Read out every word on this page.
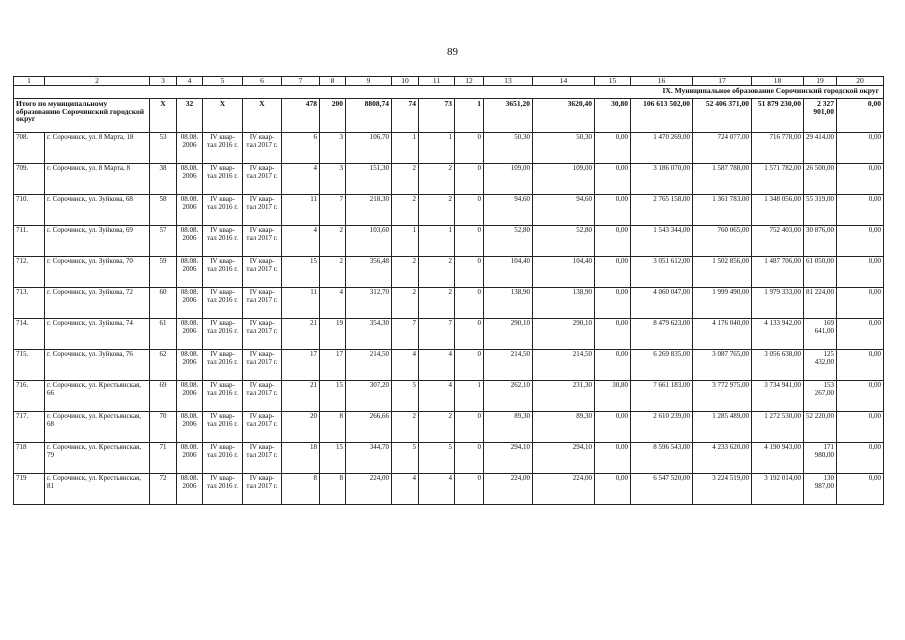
89
1	2	3	4	5	6	7	8	9	10	11	12	13	14	15	16	17	18	19	20
IX. Муниципальное образование Сорочинский городской округ																			
Итого по муниципальному образованию Сорочинский городской округ		X	32	X	X	478	200	8808,74	74	73	1	3651,20	3620,40	30,80	106 613 502,00	52 406 371,00	51 879 230,00	2 327 901,00	0,00
708.	г. Сорочинск, ул. 8 Марта, 18	53	08.08. 2006	IV квар- тал 2016 г.	IV квар- тал 2017 г.	6	3	106,70	1	1	0	50,30	50,30	0,00	1 470 269,00	724 077,00	716 778,00	29 414,00	0,00
709.	г. Сорочинск, ул. 8 Марта, 8	38	08.08. 2006	IV квар- тал 2016 г.	IV квар- тал 2017 г.	4	3	151,30	2	2	0	109,00	109,00	0,00	3 186 070,00	1 587 788,00	1 571 782,00	26 500,00	0,00
710.	г. Сорочинск, ул. Зуйкова, 68	58	08.08. 2006	IV квар- тал 2016 г.	IV квар- тал 2017 г.	11	7	218,30	2	2	0	94,60	94,60	0,00	2 765 158,00	1 361 783,00	1 348 056,00	55 319,00	0,00
711.	г. Сорочинск, ул. Зуйкова, 69	57	08.08. 2006	IV квар- тал 2016 г.	IV квар- тал 2017 г.	4	2	103,60	1	1	0	52,80	52,80	0,00	1 543 344,00	760 065,00	752 403,00	30 876,00	0,00
712.	г. Сорочинск, ул. Зуйкова, 70	59	08.08. 2006	IV квар- тал 2016 г.	IV квар- тал 2017 г.	15	2	356,48	2	2	0	104,40	104,40	0,00	3 051 612,00	1 502 856,00	1 487 706,00	61 050,00	0,00
713.	г. Сорочинск, ул. Зуйкова, 72	60	08.08. 2006	IV квар- тал 2016 г.	IV квар- тал 2017 г.	11	4	312,70	2	2	0	138,90	138,90	0,00	4 060 047,00	1 999 490,00	1 979 333,00	81 224,00	0,00
714.	г. Сорочинск, ул. Зуйкова, 74	61	08.08. 2006	IV квар- тал 2016 г.	IV квар- тал 2017 г.	21	19	354,30	7	7	0	290,10	290,10	0,00	8 479 623,00	4 176 040,00	4 133 942,00	169 641,00	0,00
715.	г. Сорочинск, ул. Зуйкова, 76	62	08.08. 2006	IV квар- тал 2016 г.	IV квар- тал 2017 г.	17	17	214,50	4	4	0	214,50	214,50	0,00	6 269 835,00	3 087 765,00	3 056 638,00	125 432,00	0,00
716.	г. Сорочинск, ул. Крестьянская, 66	69	08.08. 2006	IV квар- тал 2016 г.	IV квар- тал 2017 г.	21	15	307,20	5	4	1	262,10	231,30	30,80	7 661 183,00	3 772 975,00	3 734 941,00	153 267,00	0,00
717.	г. Сорочинск, ул. Крестьянская, 68	70	08.08. 2006	IV квар- тал 2016 г.	IV квар- тал 2017 г.	20	8	266,66	2	2	0	89,30	89,30	0,00	2 610 239,00	1 285 489,00	1 272 530,00	52 220,00	0,00
718	г. Сорочинск, ул. Крестьянская, 79	71	08.08. 2006	IV квар- тал 2016 г.	IV квар- тал 2017 г.	18	15	344,70	5	5	0	294,10	294,10	0,00	8 596 543,00	4 233 620,00	4 190 943,00	171 980,00	0,00
719	г. Сорочинск, ул. Крестьянская, 81	72	08.08. 2006	IV квар- тал 2016 г.	IV квар- тал 2017 г.	8	8	224,00	4	4	0	224,00	224,00	0,00	6 547 520,00	3 224 519,00	3 192 014,00	130 987,00	0,00
